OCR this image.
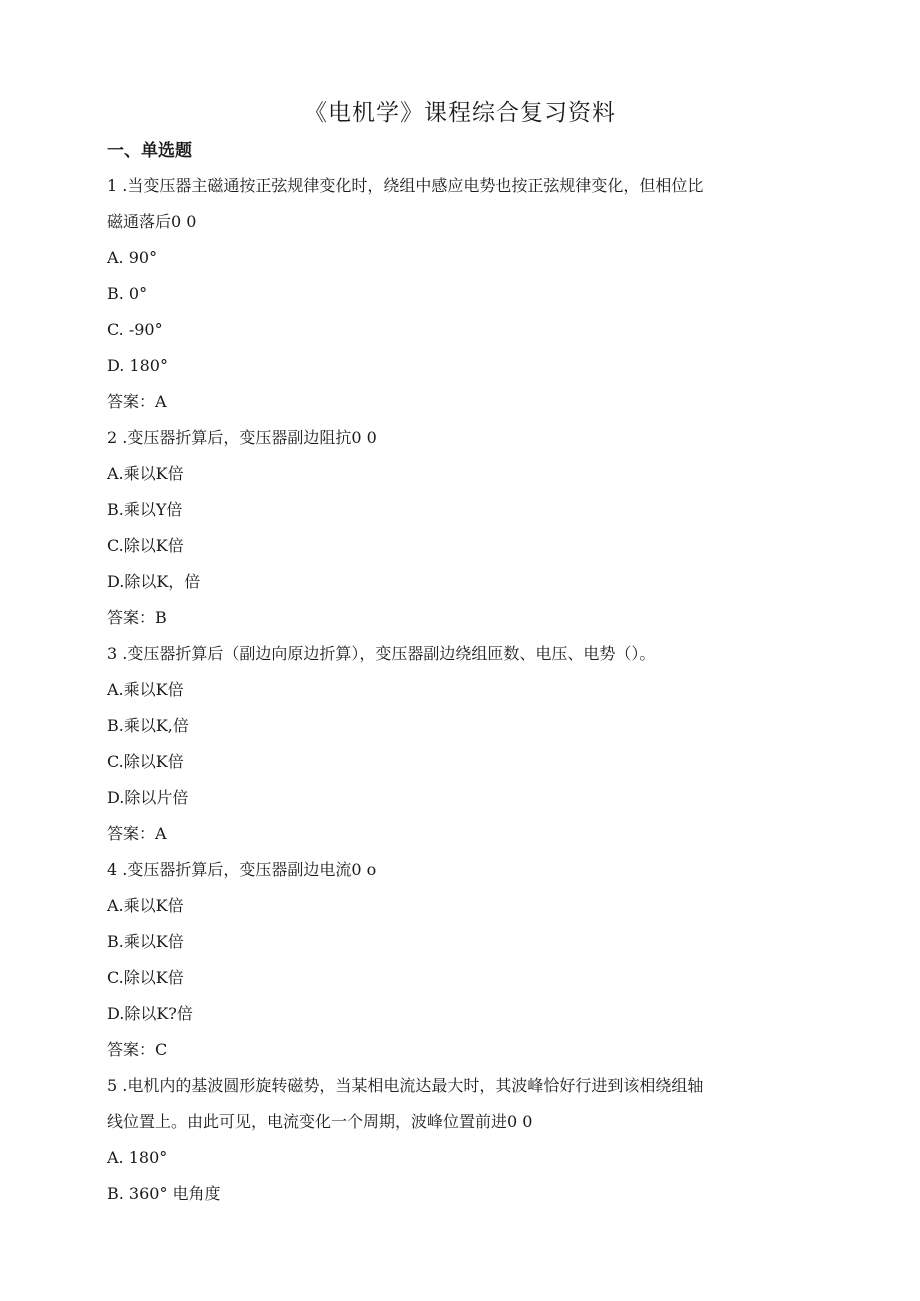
《电机学》课程综合复习资料
一、单选题
1 .当变压器主磁通按正弦规律变化时，绕组中感应电势也按正弦规律变化，但相位比
磁通落后0 0
A. 90°
B. 0°
C. -90°
D. 180°
答案：A
2 .变压器折算后，变压器副边阻抗0 0
A.乘以K倍
B.乘以Y倍
C.除以K倍
D.除以K，倍
答案：B
3 .变压器折算后（副边向原边折算），变压器副边绕组匝数、电压、电势（）。
A.乘以K倍
B.乘以K,倍
C.除以K倍
D.除以片倍
答案：A
4 .变压器折算后，变压器副边电流0 o
A.乘以K倍
B.乘以K倍
C.除以K倍
D.除以K?倍
答案：C
5 .电机内的基波圆形旋转磁势，当某相电流达最大时，其波峰恰好行进到该相绕组轴
线位置上。由此可见，电流变化一个周期，波峰位置前进0 0
A. 180°
B. 360° 电角度
